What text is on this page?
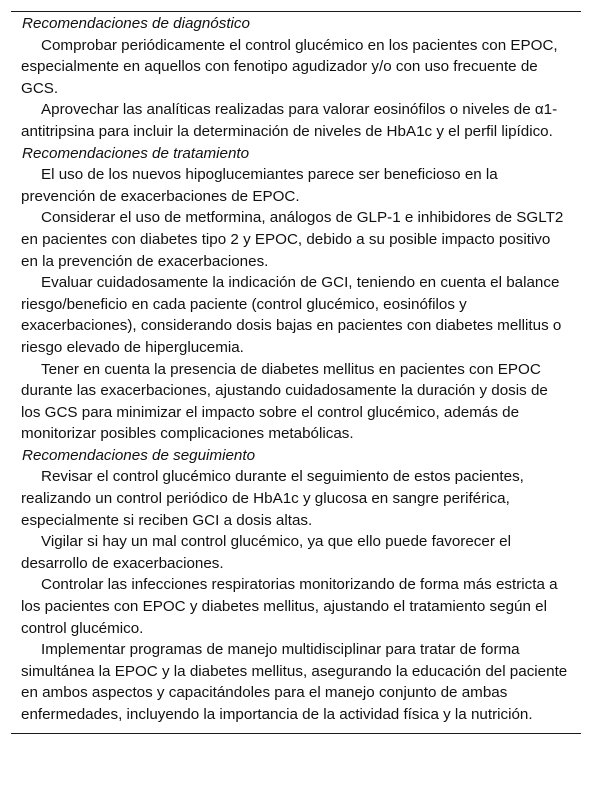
Recomendaciones de diagnóstico

Comprobar periódicamente el control glucémico en los pacientes con EPOC, especialmente en aquellos con fenotipo agudizador y/o con uso frecuente de GCS.

Aprovechar las analíticas realizadas para valorar eosinófilos o niveles de α1-antitripsina para incluir la determinación de niveles de HbA1c y el perfil lipídico.

Recomendaciones de tratamiento

El uso de los nuevos hipoglucemiantes parece ser beneficioso en la prevención de exacerbaciones de EPOC.

Considerar el uso de metformina, análogos de GLP-1 e inhibidores de SGLT2 en pacientes con diabetes tipo 2 y EPOC, debido a su posible impacto positivo en la prevención de exacerbaciones.

Evaluar cuidadosamente la indicación de GCI, teniendo en cuenta el balance riesgo/beneficio en cada paciente (control glucémico, eosinófilos y exacerbaciones), considerando dosis bajas en pacientes con diabetes mellitus o riesgo elevado de hiperglucemia.

Tener en cuenta la presencia de diabetes mellitus en pacientes con EPOC durante las exacerbaciones, ajustando cuidadosamente la duración y dosis de los GCS para minimizar el impacto sobre el control glucémico, además de monitorizar posibles complicaciones metabólicas.

Recomendaciones de seguimiento

Revisar el control glucémico durante el seguimiento de estos pacientes, realizando un control periódico de HbA1c y glucosa en sangre periférica, especialmente si reciben GCI a dosis altas.

Vigilar si hay un mal control glucémico, ya que ello puede favorecer el desarrollo de exacerbaciones.

Controlar las infecciones respiratorias monitorizando de forma más estricta a los pacientes con EPOC y diabetes mellitus, ajustando el tratamiento según el control glucémico.

Implementar programas de manejo multidisciplinar para tratar de forma simultánea la EPOC y la diabetes mellitus, asegurando la educación del paciente en ambos aspectos y capacitándoles para el manejo conjunto de ambas enfermedades, incluyendo la importancia de la actividad física y la nutrición.
